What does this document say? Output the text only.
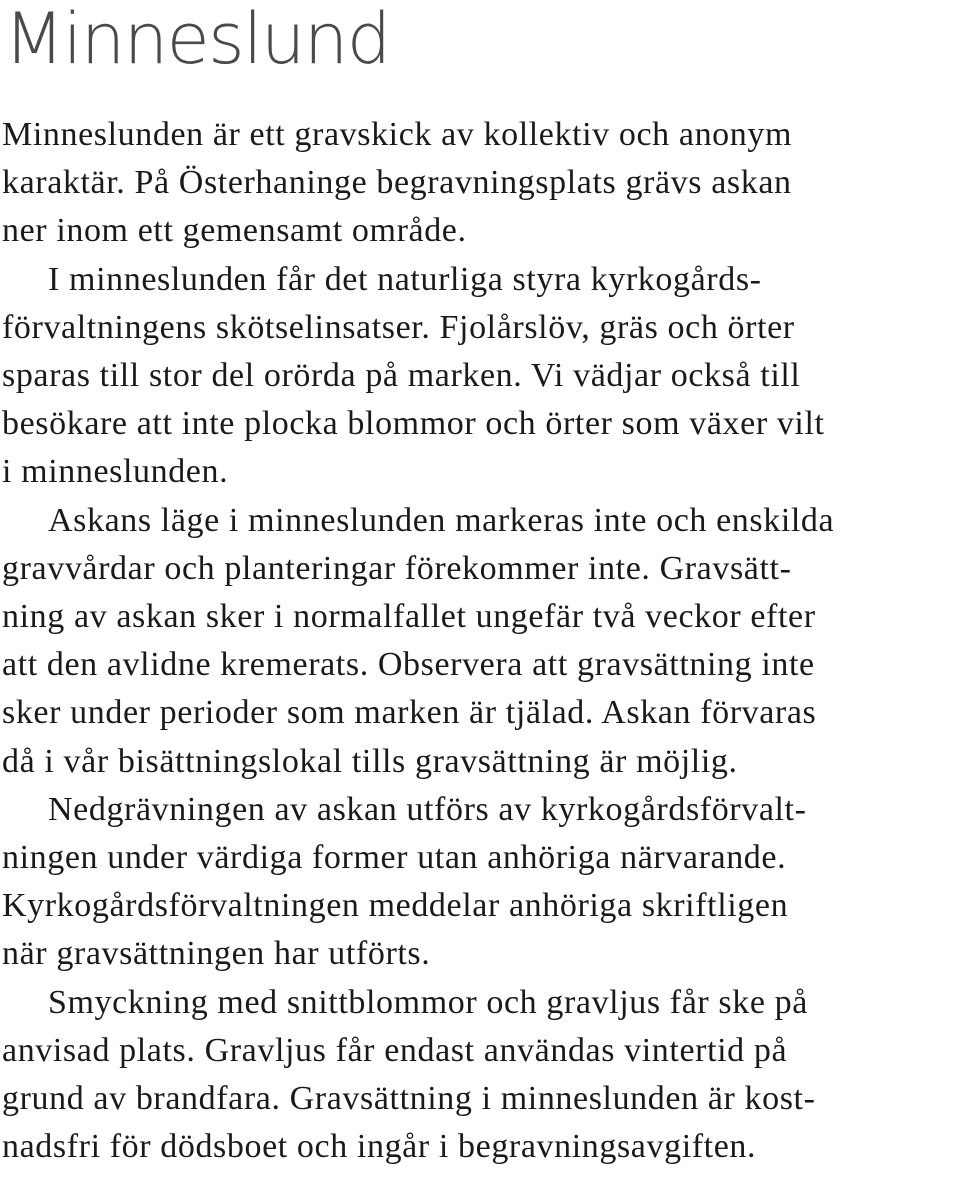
Minneslund
Minneslunden är ett gravskick av kollektiv och anonym
karaktär. På Österhaninge begravningsplats grävs askan
ner inom ett gemensamt område.
I minneslunden får det naturliga styra kyrkogårds-
förvaltningens skötselinsatser. Fjolårslöv, gräs och örter
sparas till stor del orörda på marken. Vi vädjar också till
besökare att inte plocka blommor och örter som växer vilt
i minneslunden.
Askans läge i minneslunden markeras inte och enskilda
gravvårdar och planteringar förekommer inte. Gravsätt-
ning av askan sker i normalfallet ungefär två veckor efter
att den avlidne kremerats. Observera att gravsättning inte
sker under perioder som marken är tjälad. Askan förvaras
då i vår bisättningslokal tills gravsättning är möjlig.
Nedgrävningen av askan utförs av kyrkogårdsförvalt-
ningen under värdiga former utan anhöriga närvarande.
Kyrkogårdsförvaltningen meddelar anhöriga skriftligen
när gravsättningen har utförts.
Smyckning med snittblommor och gravljus får ske på
anvisad plats. Gravljus får endast användas vintertid på
grund av brandfara. Gravsättning i minneslunden är kost-
nadsfri för dödsboet och ingår i begravningsavgiften.
